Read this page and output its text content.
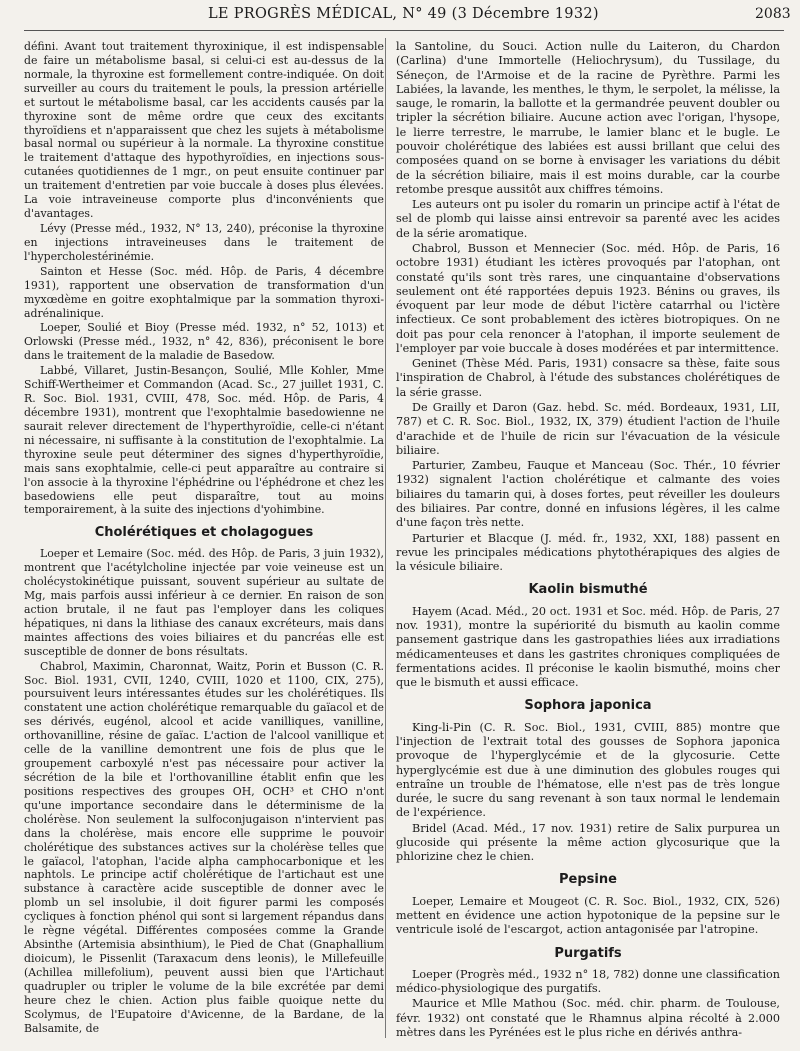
LE PROGRÈS MÉDICAL, N° 49 (3 Décembre 1932)	2083

défini. Avant tout traitement thyroxinique, il est indispensable de faire un métabolisme basal, si celui-ci est au-dessus de la normale, la thyroxine est formellement contre-indiquée. On doit surveiller au cours du traitement le pouls, la pression artérielle et surtout le métabolisme basal, car les accidents causés par la thyroxine sont de même ordre que ceux des excitants thyroïdiens et n'apparaissent que chez les sujets à métabolisme basal normal ou supérieur à la normale. La thyroxine constitue le traitement d'attaque des hypothyroïdies, en injections sous-cutanées quotidiennes de 1 mgr., on peut ensuite continuer par un traitement d'entretien par voie buccale à doses plus élevées. La voie intraveineuse comporte plus d'inconvénients que d'avantages.

Lévy (Presse méd., 1932, N° 13, 240), préconise la thyroxine en injections intraveineuses dans le traitement de l'hypercholestérinémie.

Sainton et Hesse (Soc. méd. Hôp. de Paris, 4 décembre 1931), rapportent une observation de transformation d'un myxœdème en goitre exophtalmique par la sommation thyroxi-adrénalinique.

Loeper, Soulié et Bioy (Presse méd. 1932, n° 52, 1013) et Orlowski (Presse méd., 1932, n° 42, 836), préconisent le bore dans le traitement de la maladie de Basedow.

Labbé, Villaret, Justin-Besançon, Soulié, Mlle Kohler, Mme Schiff-Wertheimer et Commandon (Acad. Sc., 27 juillet 1931, C. R. Soc. Biol. 1931, CVIII, 478, Soc. méd. Hôp. de Paris, 4 décembre 1931), montrent que l'exophtalmie basedowienne ne saurait relever directement de l'hyperthyroïdie, celle-ci n'étant ni nécessaire, ni suffisante à la constitution de l'exophtalmie. La thyroxine seule peut déterminer des signes d'hyperthyroïdie, mais sans exophtalmie, celle-ci peut apparaître au contraire si l'on associe à la thyroxine l'éphédrine ou l'éphédrone et chez les basedowiens elle peut disparaître, tout au moins temporairement, à la suite des injections d'yohimbine.

Cholérétiques et cholagogues

Loeper et Lemaire (Soc. méd. des Hôp. de Paris, 3 juin 1932), montrent que l'acétylcholine injectée par voie veineuse est un cholécystokinétique puissant, souvent supérieur au sultate de Mg, mais parfois aussi inférieur à ce dernier. En raison de son action brutale, il ne faut pas l'employer dans les coliques hépatiques, ni dans la lithiase des canaux excréteurs, mais dans maintes affections des voies biliaires et du pancréas elle est susceptible de donner de bons résultats.

Chabrol, Maximin, Charonnat, Waitz, Porin et Busson (C. R. Soc. Biol. 1931, CVII, 1240, CVIII, 1020 et 1100, CIX, 275), poursuivent leurs intéressantes études sur les cholérétiques. Ils constatent une action cholérétique remarquable du gaïacol et de ses dérivés, eugénol, alcool et acide vanilliques, vanilline, orthovanilline, résine de gaïac. L'action de l'alcool vanillique et celle de la vanilline demontrent une fois de plus que le groupement carboxylé n'est pas nécessaire pour activer la sécrétion de la bile et l'orthovanilline établit enfin que les positions respectives des groupes OH, OCH³ et CHO n'ont qu'une importance secondaire dans le déterminisme de la cholérèse. Non seulement la sulfoconjugaison n'intervient pas dans la cholérèse, mais encore elle supprime le pouvoir cholérétique des substances actives sur la cholérèse telles que le gaïacol, l'atophan, l'acide alpha camphocarbonique et les naphtols. Le principe actif cholérétique de l'artichaut est une substance à caractère acide susceptible de donner avec le plomb un sel insolubie, il doit figurer parmi les composés cycliques à fonction phénol qui sont si largement répandus dans le règne végétal. Différentes composées comme la Grande Absinthe (Artemisia absinthium), le Pied de Chat (Gnaphallium dioicum), le Pissenlit (Taraxacum dens leonis), le Millefeuille (Achillea millefolium), peuvent aussi bien que l'Artichaut quadrupler ou tripler le volume de la bile excrétée par demi heure chez le chien. Action plus faible quoique nette du Scolymus, de l'Eupatoire d'Avicenne, de la Bardane, de la Balsamite, de

la Santoline, du Souci. Action nulle du Laiteron, du Chardon (Carlina) d'une Immortelle (Heliochrysum), du Tussilage, du Séneçon, de l'Armoise et de la racine de Pyrèthre. Parmi les Labiées, la lavande, les menthes, le thym, le serpolet, la mélisse, la sauge, le romarin, la ballotte et la germandrée peuvent doubler ou tripler la sécrétion biliaire. Aucune action avec l'origan, l'hysope, le lierre terrestre, le marrube, le lamier blanc et le bugle. Le pouvoir cholérétique des labiées est aussi brillant que celui des composées quand on se borne à envisager les variations du débit de la sécrétion biliaire, mais il est moins durable, car la courbe retombe presque aussitôt aux chiffres témoins.

Les auteurs ont pu isoler du romarin un principe actif à l'état de sel de plomb qui laisse ainsi entrevoir sa parenté avec les acides de la série aromatique.

Chabrol, Busson et Mennecier (Soc. méd. Hôp. de Paris, 16 octobre 1931) étudiant les ictères provoqués par l'atophan, ont constaté qu'ils sont très rares, une cinquantaine d'observations seulement ont été rapportées depuis 1923. Bénins ou graves, ils évoquent par leur mode de début l'ictère catarrhal ou l'ictère infectieux. Ce sont probablement des ictères biotropiques. On ne doit pas pour cela renoncer à l'atophan, il importe seulement de l'employer par voie buccale à doses modérées et par intermittence.

Geninet (Thèse Méd. Paris, 1931) consacre sa thèse, faite sous l'inspiration de Chabrol, à l'étude des substances cholérétiques de la série grasse.

De Grailly et Daron (Gaz. hebd. Sc. méd. Bordeaux, 1931, LII, 787) et C. R. Soc. Biol., 1932, IX, 379) étudient l'action de l'huile d'arachide et de l'huile de ricin sur l'évacuation de la vésicule biliaire.

Parturier, Zambeu, Fauque et Manceau (Soc. Thér., 10 février 1932) signalent l'action cholérétique et calmante des voies biliaires du tamarin qui, à doses fortes, peut réveiller les douleurs des biliaires. Par contre, donné en infusions légères, il les calme d'une façon très nette.

Parturier et Blacque (J. méd. fr., 1932, XXI, 188) passent en revue les principales médications phytothérapiques des algies de la vésicule biliaire.

Kaolin bismuthé

Hayem (Acad. Méd., 20 oct. 1931 et Soc. méd. Hôp. de Paris, 27 nov. 1931), montre la supériorité du bismuth au kaolin comme pansement gastrique dans les gastropathies liées aux irradiations médicamenteuses et dans les gastrites chroniques compliquées de fermentations acides. Il préconise le kaolin bismuthé, moins cher que le bismuth et aussi efficace.

Sophora japonica

King-li-Pin (C. R. Soc. Biol., 1931, CVIII, 885) montre que l'injection de l'extrait total des gousses de Sophora japonica provoque de l'hyperglycémie et de la glycosurie. Cette hyperglycémie est due à une diminution des globules rouges qui entraîne un trouble de l'hématose, elle n'est pas de très longue durée, le sucre du sang revenant à son taux normal le lendemain de l'expérience.

Bridel (Acad. Méd., 17 nov. 1931) retire de Salix purpurea un glucoside qui présente la même action glycosurique que la phlorizine chez le chien.

Pepsine

Loeper, Lemaire et Mougeot (C. R. Soc. Biol., 1932, CIX, 526) mettent en évidence une action hypotonique de la pepsine sur le ventricule isolé de l'escargot, action antagonisée par l'atropine.

Purgatifs

Loeper (Progrès méd., 1932 n° 18, 782) donne une classification médico-physiologique des purgatifs.

Maurice et Mlle Mathou (Soc. méd. chir. pharm. de Toulouse, févr. 1932) ont constaté que le Rhamnus alpina récolté à 2.000 mètres dans les Pyrénées est le plus riche en dérivés anthra-
